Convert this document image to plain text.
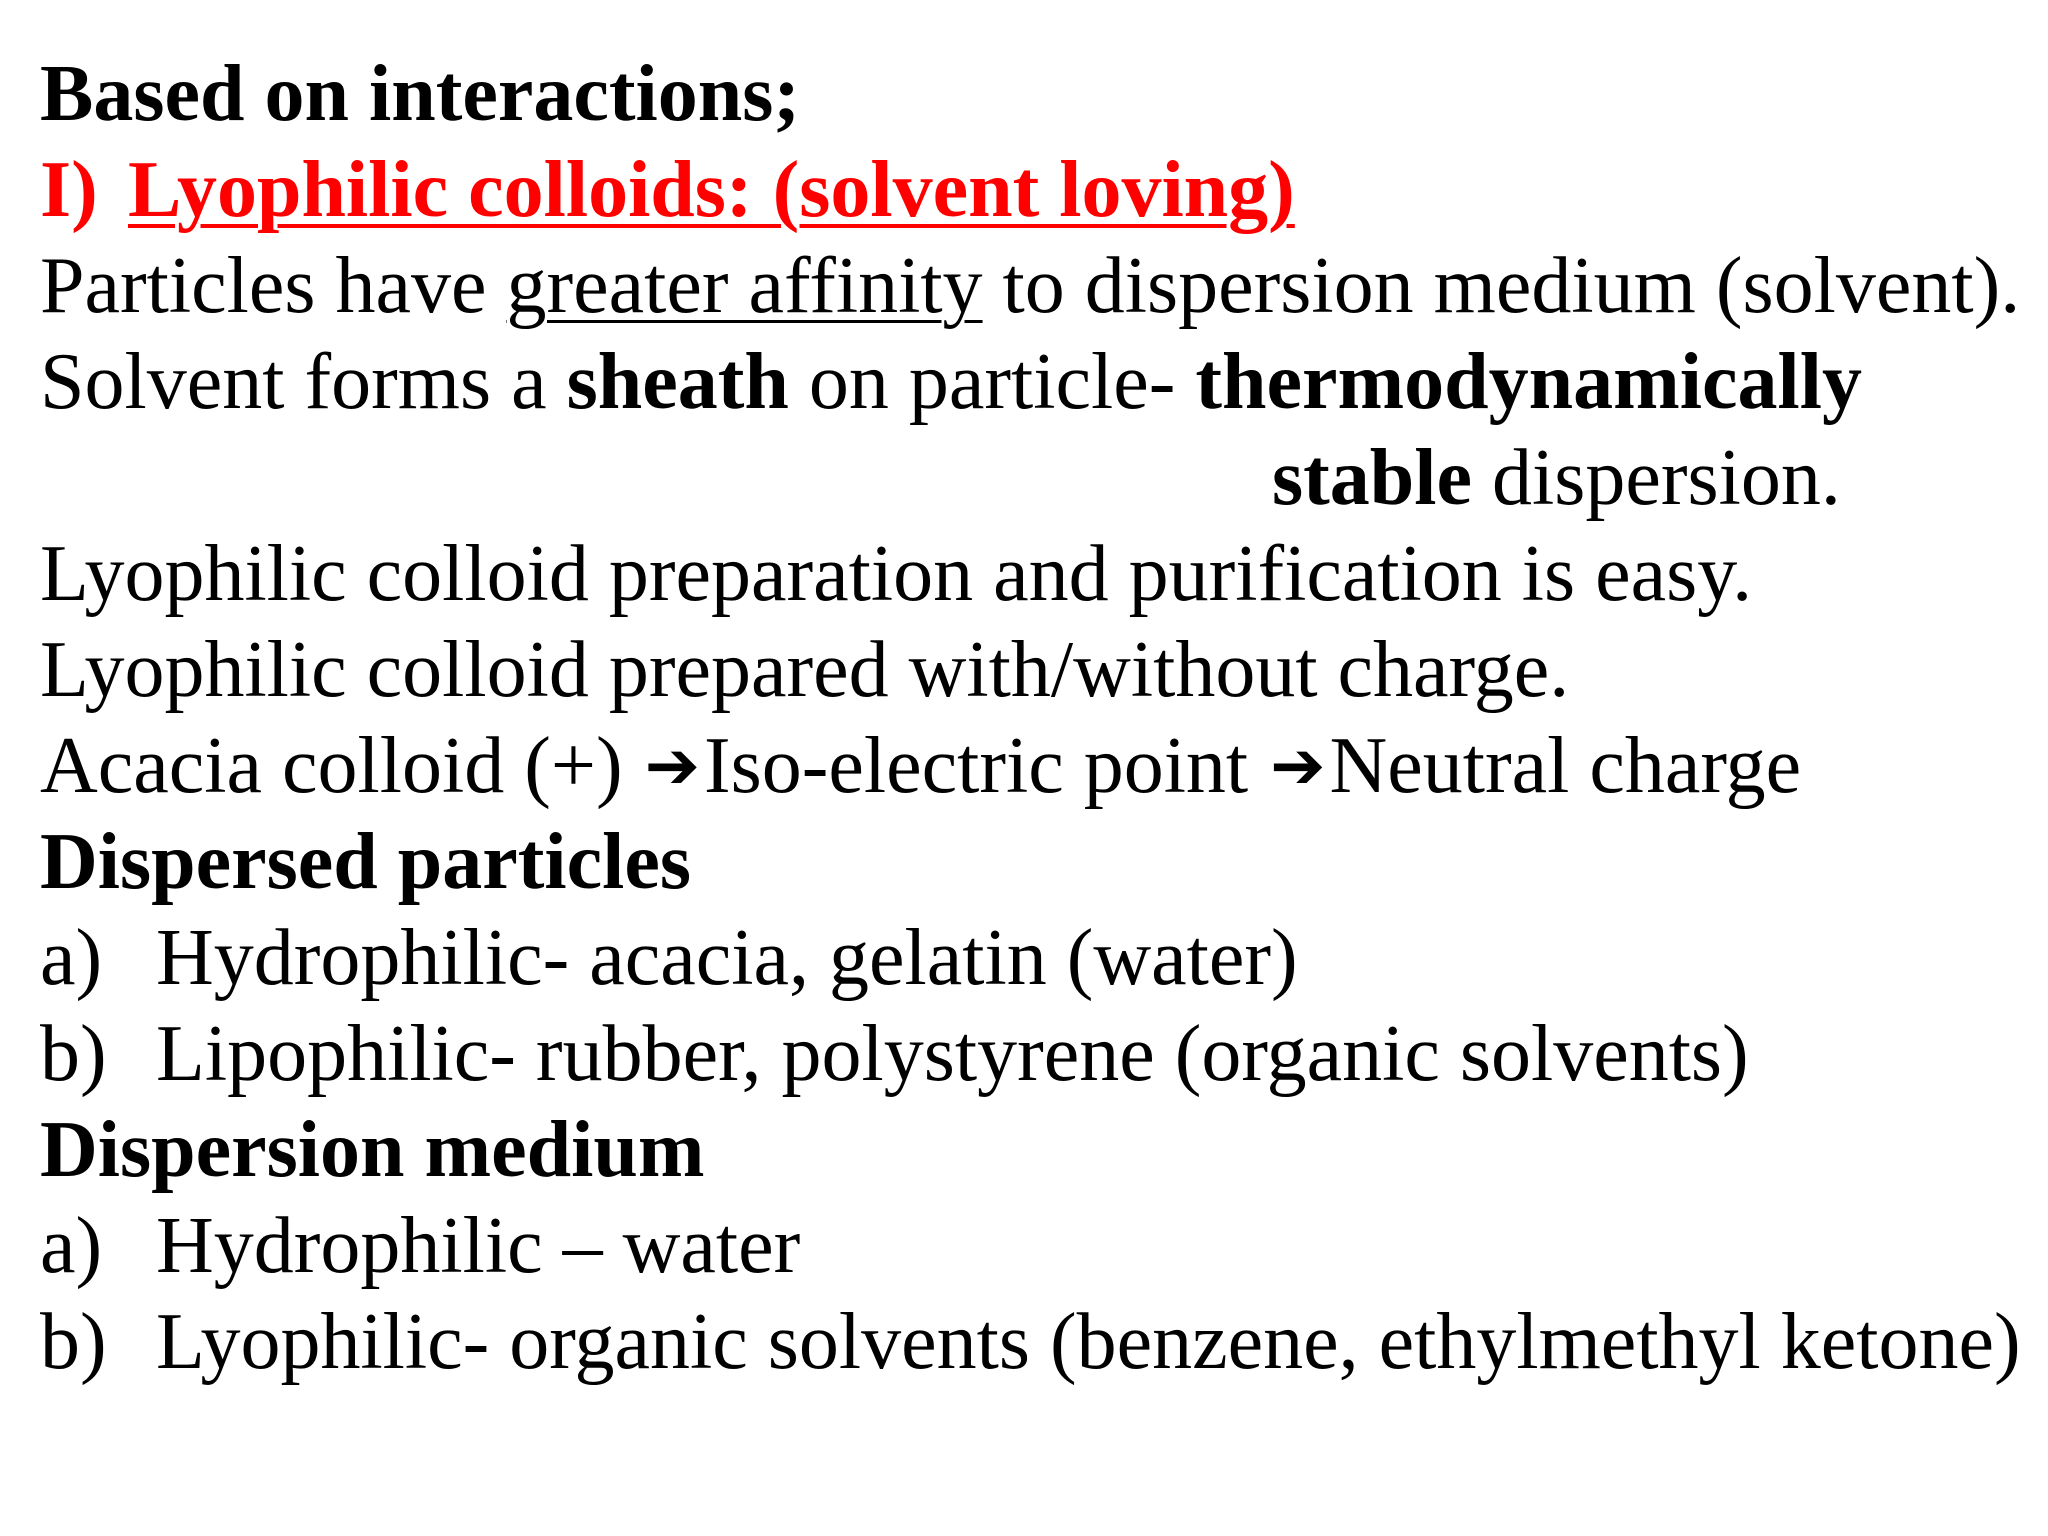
Based on interactions;
I) Lyophilic colloids: (solvent loving)
Particles have greater affinity to dispersion medium (solvent).
Solvent forms a sheath on particle- thermodynamically
stable dispersion.
Lyophilic colloid preparation and purification is easy.
Lyophilic colloid prepared with/without charge.
Acacia colloid (+) ➔Iso-electric point ➔Neutral charge
Dispersed particles
a) Hydrophilic- acacia, gelatin (water)
b) Lipophilic- rubber, polystyrene (organic solvents)
Dispersion medium
a) Hydrophilic – water
b) Lyophilic- organic solvents (benzene, ethylmethyl ketone)
